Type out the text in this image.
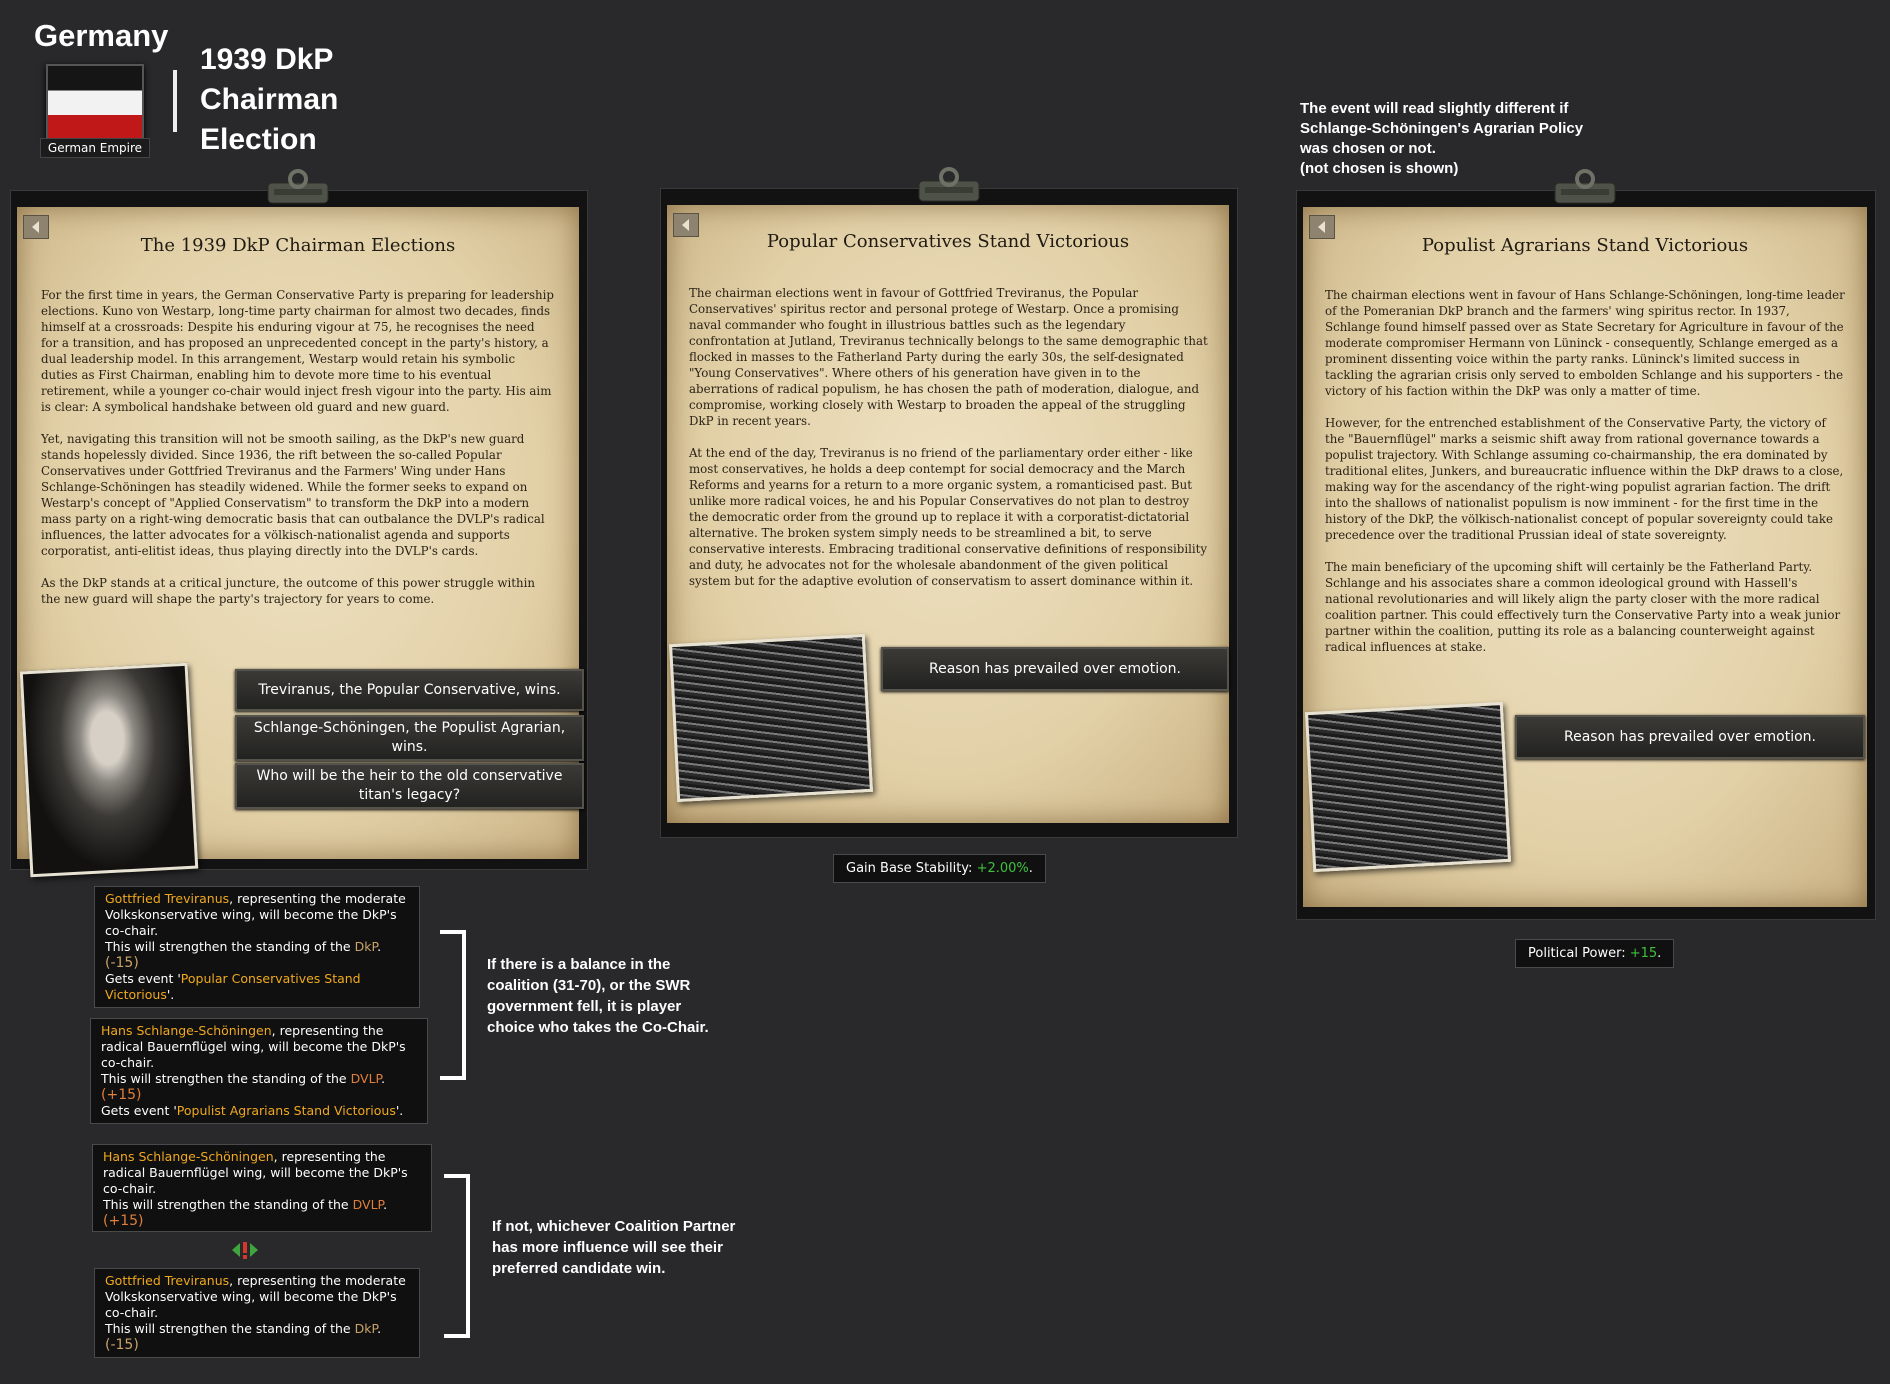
Germany
German Empire
1939 DkP
Chairman
Election
The event will read slightly different if
Schlange-Schöningen's Agrarian Policy
was chosen or not.
(not chosen is shown)
The 1939 DkP Chairman Elections

For the first time in years, the German Conservative Party is preparing for leadership elections. Kuno von Westarp, long-time party chairman for almost two decades, finds himself at a crossroads: Despite his enduring vigour at 75, he recognises the need for a transition, and has proposed an unprecedented concept in the party's history, a dual leadership model. In this arrangement, Westarp would retain his symbolic duties as First Chairman, enabling him to devote more time to his eventual retirement, while a younger co-chair would inject fresh vigour into the party. His aim is clear: A symbolical handshake between old guard and new guard.

Yet, navigating this transition will not be smooth sailing, as the DkP's new guard stands hopelessly divided. Since 1936, the rift between the so-called Popular Conservatives under Gottfried Treviranus and the Farmers' Wing under Hans Schlange-Schöningen has steadily widened. While the former seeks to expand on Westarp's concept of "Applied Conservatism" to transform the DkP into a modern mass party on a right-wing democratic basis that can outbalance the DVLP's radical influences, the latter advocates for a völkisch-nationalist agenda and supports corporatist, anti-elitist ideas, thus playing directly into the DVLP's cards.

As the DkP stands at a critical juncture, the outcome of this power struggle within the new guard will shape the party's trajectory for years to come.

Treviranus, the Popular Conservative, wins.
Schlange-Schöningen, the Populist Agrarian, wins.
Who will be the heir to the old conservative titan's legacy?
Popular Conservatives Stand Victorious

The chairman elections went in favour of Gottfried Treviranus, the Popular Conservatives' spiritus rector and personal protege of Westarp. Once a promising naval commander who fought in illustrious battles such as the legendary confrontation at Jutland, Treviranus technically belongs to the same demographic that flocked in masses to the Fatherland Party during the early 30s, the self-designated "Young Conservatives". Where others of his generation have given in to the aberrations of radical populism, he has chosen the path of moderation, dialogue, and compromise, working closely with Westarp to broaden the appeal of the struggling DkP in recent years.

At the end of the day, Treviranus is no friend of the parliamentary order either - like most conservatives, he holds a deep contempt for social democracy and the March Reforms and yearns for a return to a more organic system, a romanticised past. But unlike more radical voices, he and his Popular Conservatives do not plan to destroy the democratic order from the ground up to replace it with a corporatist-dictatorial alternative. The broken system simply needs to be streamlined a bit, to serve conservative interests. Embracing traditional conservative definitions of responsibility and duty, he advocates not for the wholesale abandonment of the given political system but for the adaptive evolution of conservatism to assert dominance within it.

Reason has prevailed over emotion.
Populist Agrarians Stand Victorious

The chairman elections went in favour of Hans Schlange-Schöningen, long-time leader of the Pomeranian DkP branch and the farmers' wing spiritus rector. In 1937, Schlange found himself passed over as State Secretary for Agriculture in favour of the moderate compromiser Hermann von Lüninck - consequently, Schlange emerged as a prominent dissenting voice within the party ranks. Lüninck's limited success in tackling the agrarian crisis only served to embolden Schlange and his supporters - the victory of his faction within the DkP was only a matter of time.

However, for the entrenched establishment of the Conservative Party, the victory of the "Bauernflügel" marks a seismic shift away from rational governance towards a populist trajectory. With Schlange assuming co-chairmanship, the era dominated by traditional elites, Junkers, and bureaucratic influence within the DkP draws to a close, making way for the ascendancy of the right-wing populist agrarian faction. The drift into the shallows of nationalist populism is now imminent - for the first time in the history of the DkP, the völkisch-nationalist concept of popular sovereignty could take precedence over the traditional Prussian ideal of state sovereignty.

The main beneficiary of the upcoming shift will certainly be the Fatherland Party. Schlange and his associates share a common ideological ground with Hassell's national revolutionaries and will likely align the party closer with the more radical coalition partner. This could effectively turn the Conservative Party into a weak junior partner within the coalition, putting its role as a balancing counterweight against radical influences at stake.

Reason has prevailed over emotion.
Gain Base Stability: +2.00%.
Political Power: +15.
Gottfried Treviranus, representing the moderate Volkskonservative wing, will become the DkP's co-chair.
This will strengthen the standing of the DkP. (-15)
Gets event 'Popular Conservatives Stand Victorious'.
Hans Schlange-Schöningen, representing the radical Bauernflügel wing, will become the DkP's co-chair.
This will strengthen the standing of the DVLP. (+15)
Gets event 'Populist Agrarians Stand Victorious'.
If there is a balance in the coalition (31-70), or the SWR government fell, it is player choice who takes the Co-Chair.
Hans Schlange-Schöningen, representing the radical Bauernflügel wing, will become the DkP's co-chair.
This will strengthen the standing of the DVLP. (+15)
Gottfried Treviranus, representing the moderate Volkskonservative wing, will become the DkP's co-chair.
This will strengthen the standing of the DkP. (-15)
If not, whichever Coalition Partner has more influence will see their preferred candidate win.
